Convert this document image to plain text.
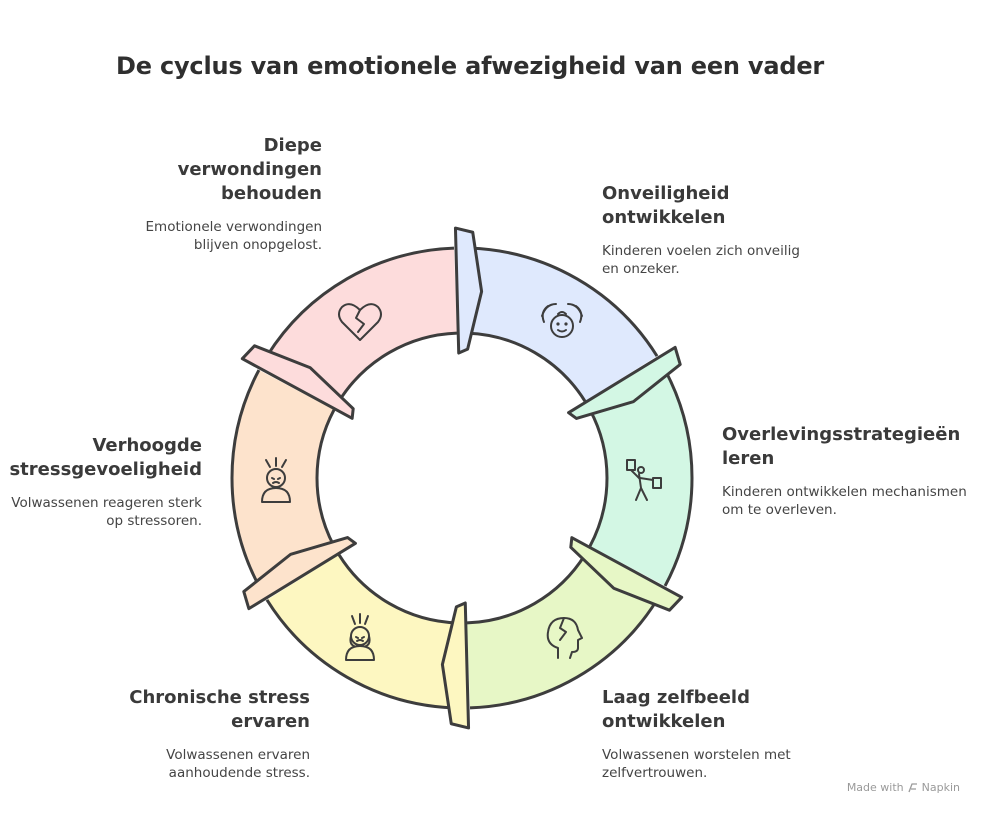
De cyclus van emotionele afwezigheid van een vader
Onveiligheid ontwikkelen
Kinderen voelen zich onveilig en onzeker.
Overlevingsstrategieën leren
Kinderen ontwikkelen mechanismen om te overleven.
Laag zelfbeeld ontwikkelen
Volwassenen worstelen met zelfvertrouwen.
Chronische stress ervaren
Volwassenen ervaren aanhoudende stress.
Verhoogde stressgevoeligheid
Volwassenen reageren sterk op stressoren.
Diepe verwondingen behouden
Emotionele verwondingen blijven onopgelost.
Made with Napkin
